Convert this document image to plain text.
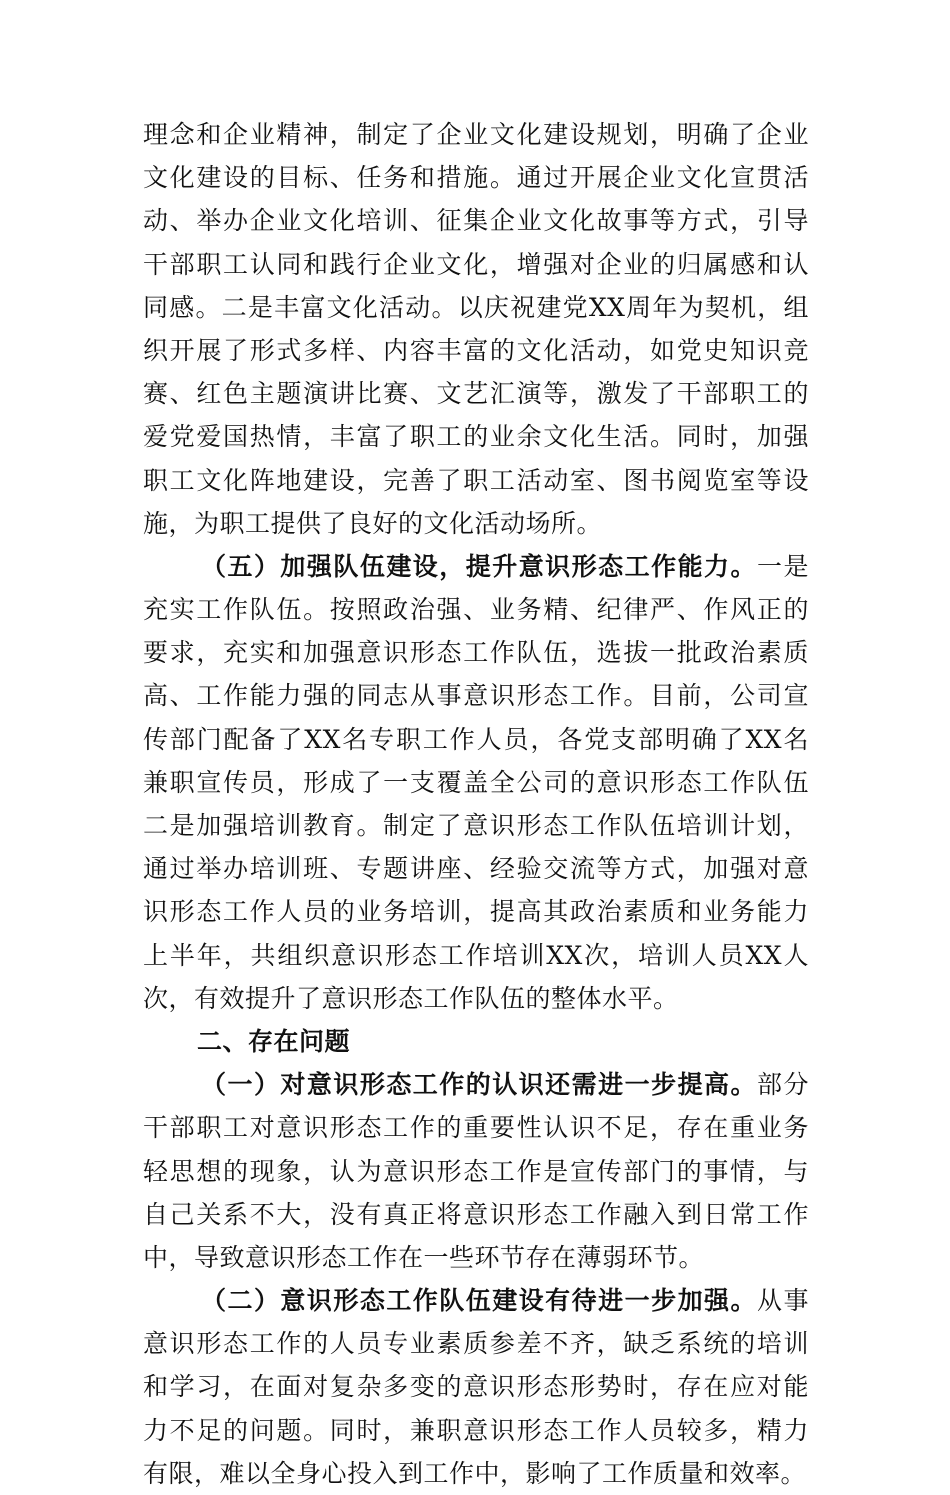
理念和企业精神，制定了企业文化建设规划，明确了企业
文化建设的目标、任务和措施。通过开展企业文化宣贯活
动、举办企业文化培训、征集企业文化故事等方式，引导
干部职工认同和践行企业文化，增强对企业的归属感和认
同感。二是丰富文化活动。以庆祝建党XX周年为契机，组
织开展了形式多样、内容丰富的文化活动，如党史知识竞
赛、红色主题演讲比赛、文艺汇演等，激发了干部职工的
爱党爱国热情，丰富了职工的业余文化生活。同时，加强
职工文化阵地建设，完善了职工活动室、图书阅览室等设
施，为职工提供了良好的文化活动场所。
（五）加强队伍建设，提升意识形态工作能力。一是
充实工作队伍。按照政治强、业务精、纪律严、作风正的
要求，充实和加强意识形态工作队伍，选拔一批政治素质
高、工作能力强的同志从事意识形态工作。目前，公司宣
传部门配备了XX名专职工作人员，各党支部明确了XX名
兼职宣传员，形成了一支覆盖全公司的意识形态工作队伍
二是加强培训教育。制定了意识形态工作队伍培训计划，
通过举办培训班、专题讲座、经验交流等方式，加强对意
识形态工作人员的业务培训，提高其政治素质和业务能力
上半年，共组织意识形态工作培训XX次，培训人员XX人
次，有效提升了意识形态工作队伍的整体水平。
二、存在问题
（一）对意识形态工作的认识还需进一步提高。部分
干部职工对意识形态工作的重要性认识不足，存在重业务
轻思想的现象，认为意识形态工作是宣传部门的事情，与
自己关系不大，没有真正将意识形态工作融入到日常工作
中，导致意识形态工作在一些环节存在薄弱环节。
（二）意识形态工作队伍建设有待进一步加强。从事
意识形态工作的人员专业素质参差不齐，缺乏系统的培训
和学习，在面对复杂多变的意识形态形势时，存在应对能
力不足的问题。同时，兼职意识形态工作人员较多，精力
有限，难以全身心投入到工作中，影响了工作质量和效率。
